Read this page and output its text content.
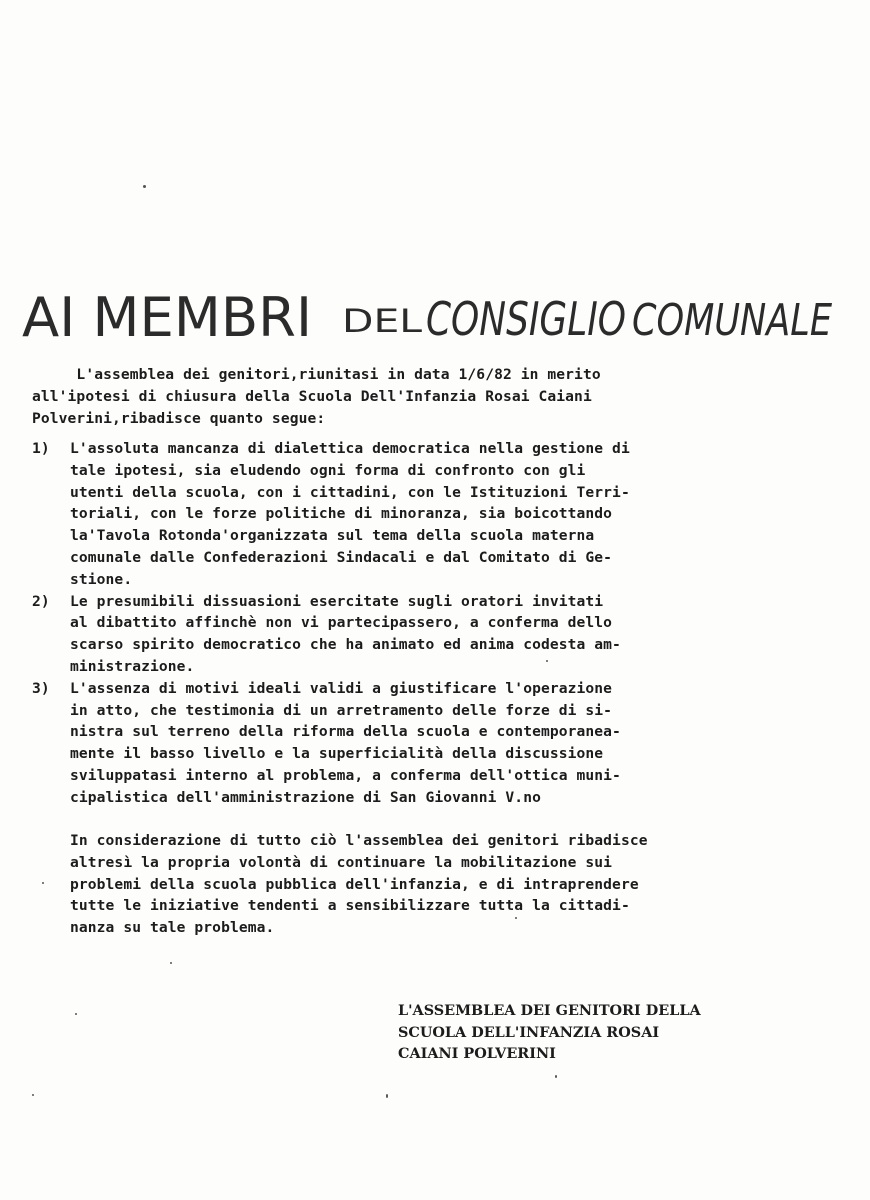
AI MEMBRI DEL CONSIGLIO COMUNALE
L'assemblea dei genitori,riunitasi in data 1/6/82 in merito
all'ipotesi di chiusura della Scuola Dell'Infanzia Rosai Caiani
Polverini,ribadisce quanto segue:
1) L'assoluta mancanza di dialettica democratica nella gestione di
tale ipotesi, sia eludendo ogni forma di confronto con gli
utenti della scuola, con i cittadini, con le Istituzioni Terri-
toriali, con le forze politiche di minoranza, sia boicottando
la'Tavola Rotonda'organizzata sul tema della scuola materna
comunale dalle Confederazioni Sindacali e dal Comitato di Ge-
stione.
2) Le presumibili dissuasioni esercitate sugli oratori invitati
al dibattito affinchè non vi partecipassero, a conferma dello
scarso spirito democratico che ha animato ed anima codesta am-
ministrazione.
3) L'assenza di motivi ideali validi a giustificare l'operazione
in atto, che testimonia di un arretramento delle forze di si-
nistra sul terreno della riforma della scuola e contemporanea-
mente il basso livello e la superficialità della discussione
sviluppatasi interno al problema, a conferma dell'ottica muni-
cipalistica dell'amministrazione di San Giovanni V.no
In considerazione di tutto ciò l'assemblea dei genitori ribadisce
altresì la propria volontà di continuare la mobilitazione sui
problemi della scuola pubblica dell'infanzia, e di intraprendere
tutte le iniziative tendenti a sensibilizzare tutta la cittadi-
nanza su tale problema.
L'ASSEMBLEA DEI GENITORI DELLA
SCUOLA DELL'INFANZIA ROSAI
CAIANI POLVERINI
